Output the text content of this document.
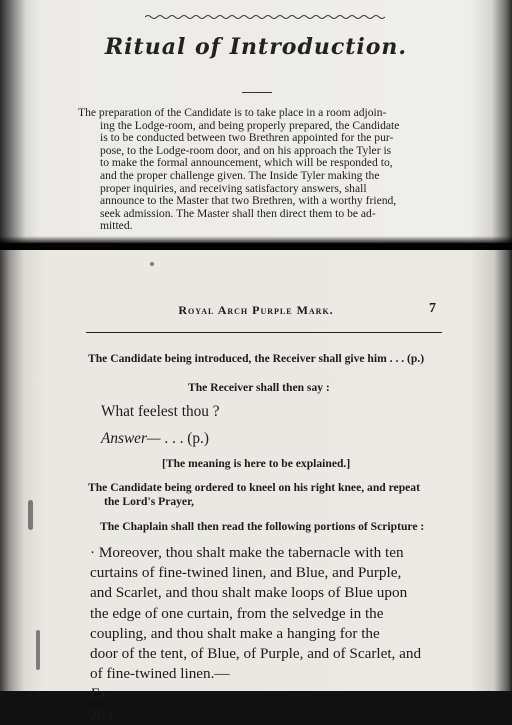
Ritual of Introduction.
The preparation of the Candidate is to take place in a room adjoin-
ing the Lodge-room, and being properly prepared, the Candidate
is to be conducted between two Brethren appointed for the pur-
pose, to the Lodge-room door, and on his approach the Tyler is
to make the formal announcement, which will be responded to,
and the proper challenge given. The Inside Tyler making the
proper inquiries, and receiving satisfactory answers, shall
announce to the Master that two Brethren, with a worthy friend,
seek admission. The Master shall then direct them to be ad-
mitted.
Royal Arch Purple Mark.	7
The Candidate being introduced, the Receiver shall give him . . . (p.)
The Receiver shall then say :
What feelest thou ?
Answer— . . . (p.)
[The meaning is here to be explained.]
The Candidate being ordered to kneel on his right knee, and repeat
the Lord's Prayer,
The Chaplain shall then read the following portions of Scripture :
· Moreover, thou shalt make the tabernacle with ten
curtains of fine-twined linen, and Blue, and Purple,
and Scarlet, and thou shalt make loops of Blue upon
the edge of one curtain, from the selvedge in the
coupling, and thou shalt make a hanging for the
door of the tent, of Blue, of Purple, and of Scarlet, and
of fine-twined linen.—
Ex.
26 c.
